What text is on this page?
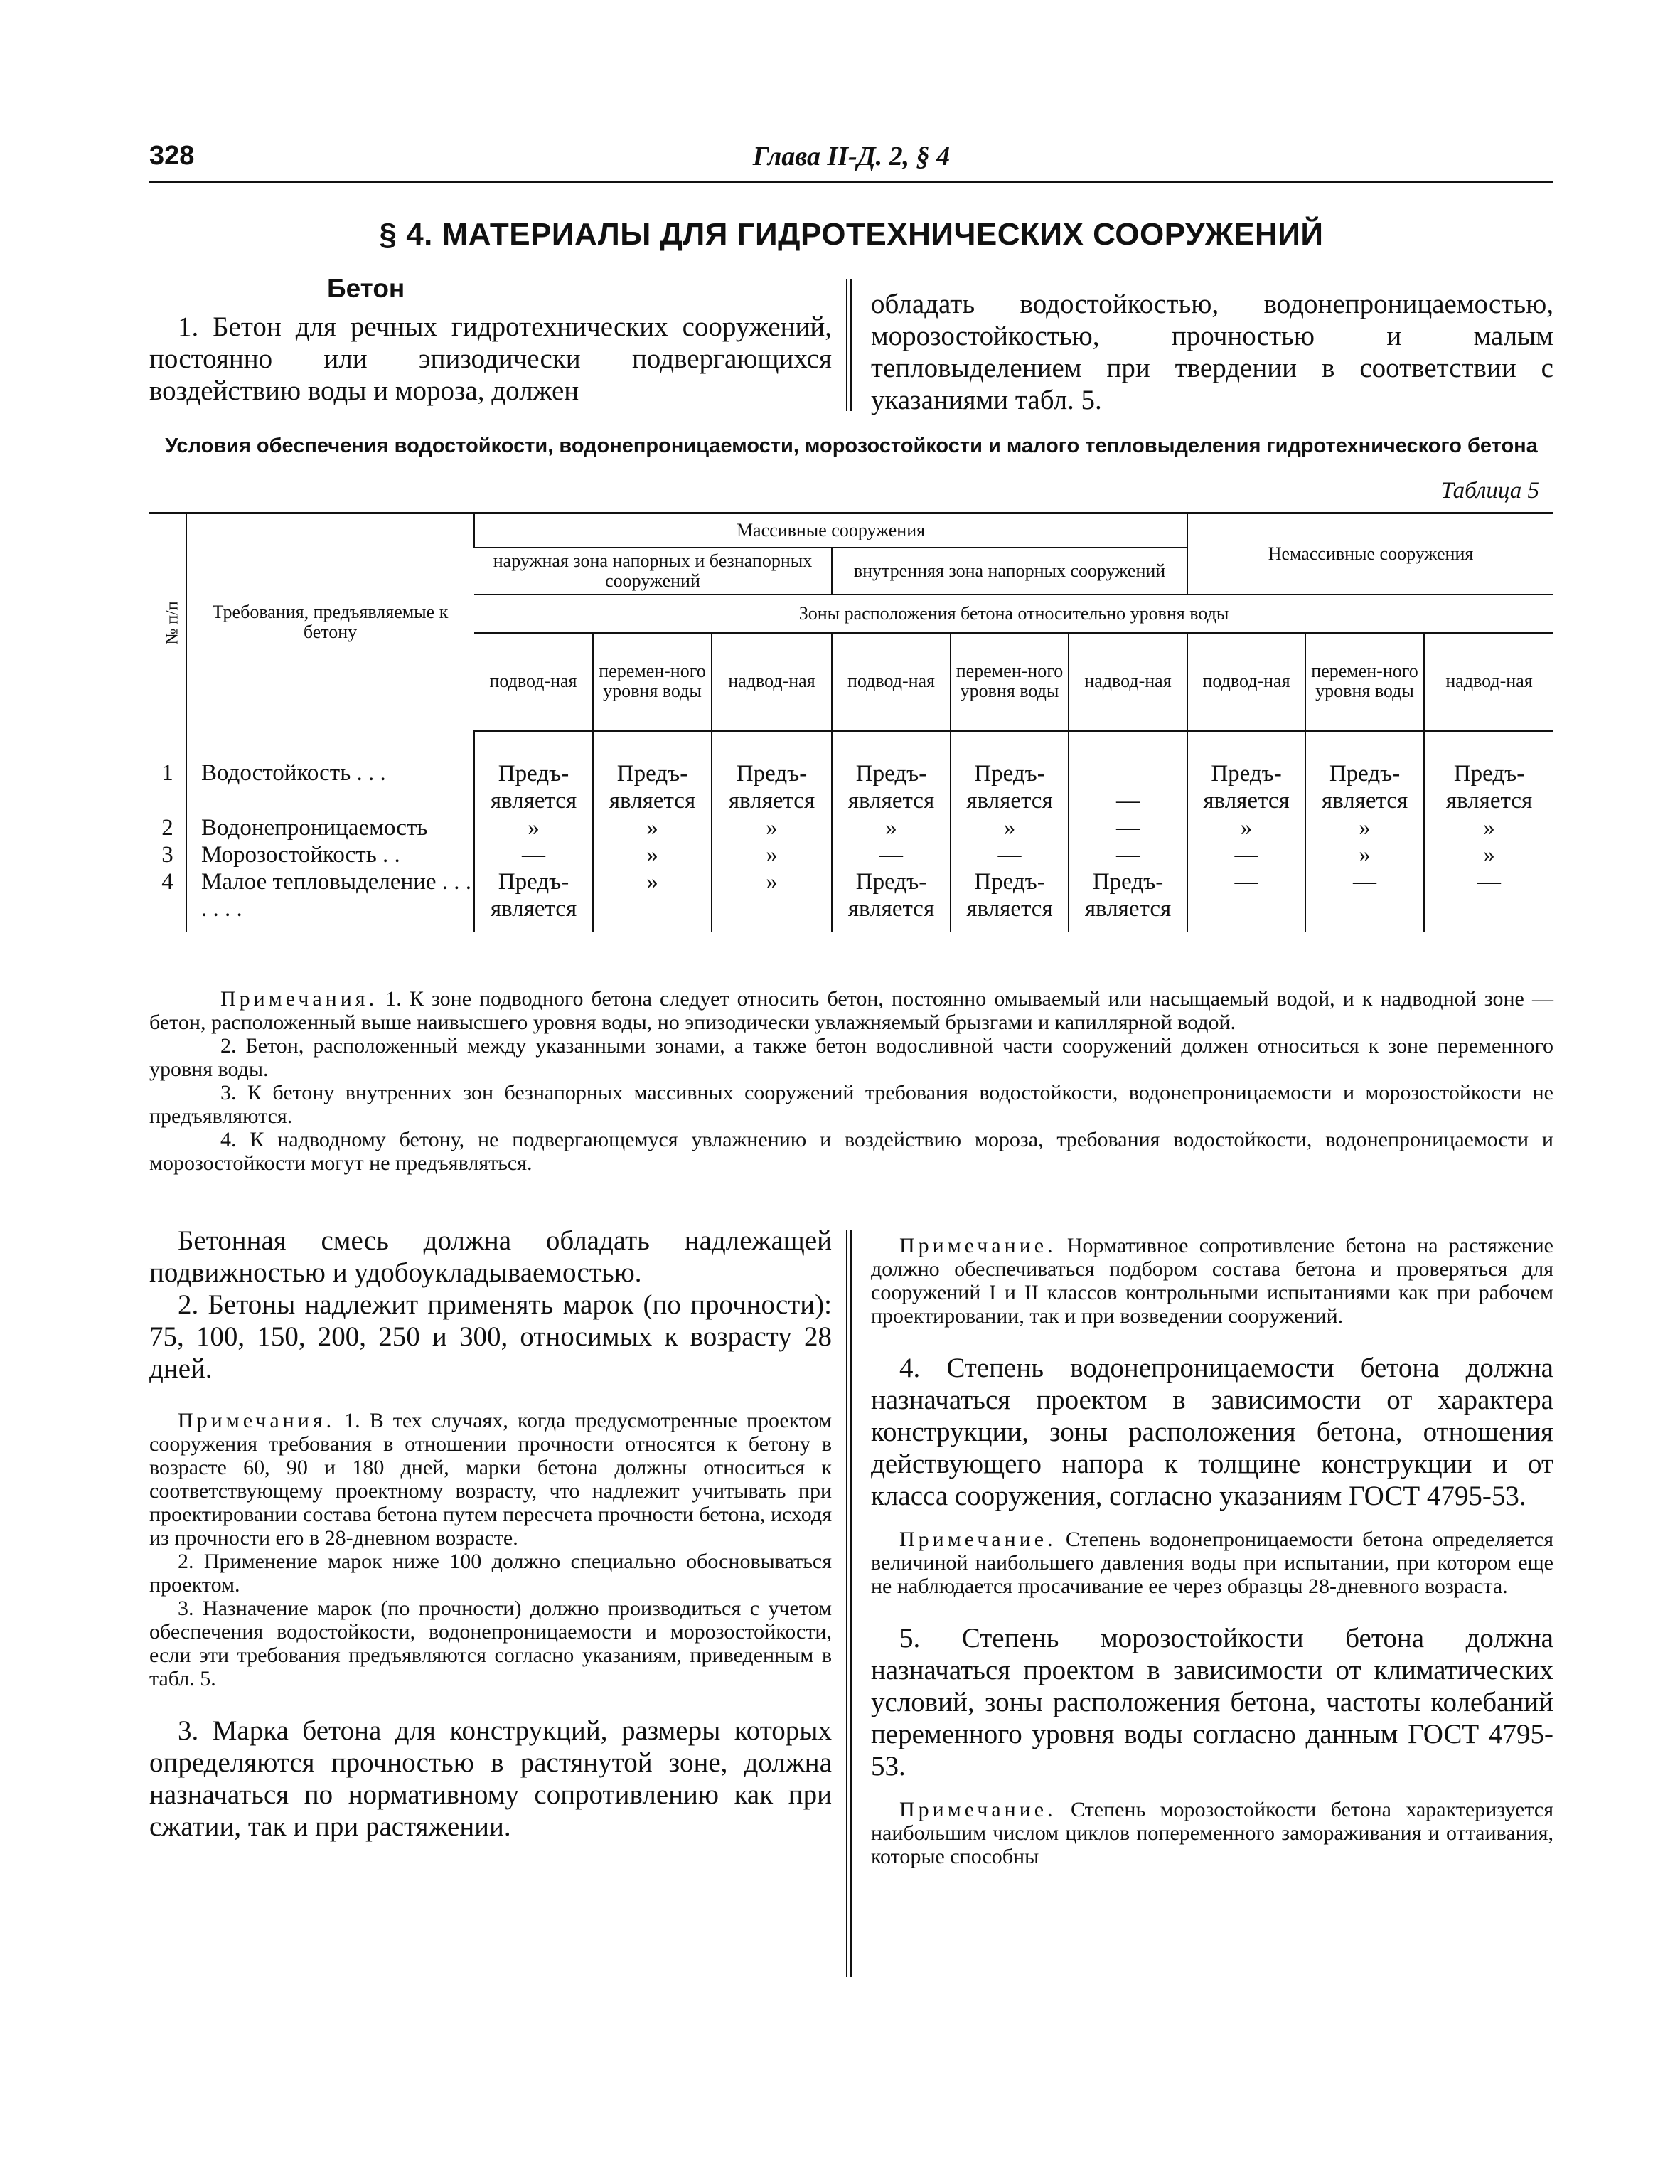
328	Глава II-Д. 2, § 4
§ 4. МАТЕРИАЛЫ ДЛЯ ГИДРОТЕХНИЧЕСКИХ СООРУЖЕНИЙ
Бетон

1. Бетон для речных гидротехнических сооружений, постоянно или эпизодически подвергающихся воздействию воды и мороза, должен

обладать водостойкостью, водонепроницаемостью, морозостойкостью, прочностью и малым тепловыделением при твердении в соответствии с указаниями табл. 5.

Условия обеспечения водостойкости, водонепроницаемости, морозостойкости и малого тепловыделения гидротехнического бетона
Таблица 5
№ п/п	Требования, предъявляемые к бетону	Массивные сооружения						Немассивные сооружения		
		наружная зона напорных и безнапорных сооружений			внутренняя зона напорных сооружений					
		Зоны расположения бетона относительно уровня воды								
		подвод-ная	перемен-ного уровня воды	надвод-ная	подвод-ная	перемен-ного уровня воды	надвод-ная	подвод-ная	перемен-ного уровня воды	надвод-ная
1	Водостойкость . . .	Предъ-является	Предъ-является	Предъ-является	Предъ-является	Предъ-является	—	Предъ-является	Предъ-является	Предъ-является
2	Водонепроницаемость	»	»	»	»	»	—	»	»	»
3	Морозостойкость . .	—	»	»	—	—	—	—	»	»
4	Малое тепловыделение . . . . . . .	Предъ-является	»	»	Предъ-является	Предъ-является	Предъ-является	—	—	—

Примечания. 1. К зоне подводного бетона следует относить бетон, постоянно омываемый или насыщаемый водой, и к надводной зоне — бетон, расположенный выше наивысшего уровня воды, но эпизодически увлажняемый брызгами и капиллярной водой.

2. Бетон, расположенный между указанными зонами, а также бетон водосливной части сооружений должен относиться к зоне переменного уровня воды.

3. К бетону внутренних зон безнапорных массивных сооружений требования водостойкости, водонепроницаемости и морозостойкости не предъявляются.

4. К надводному бетону, не подвергающемуся увлажнению и воздействию мороза, требования водостойкости, водонепроницаемости и морозостойкости могут не предъявляться.

Бетонная смесь должна обладать надлежащей подвижностью и удобоукладываемостью.

2. Бетоны надлежит применять марок (по прочности): 75, 100, 150, 200, 250 и 300, относимых к возрасту 28 дней.

Примечания. 1. В тех случаях, когда предусмотренные проектом сооружения требования в отношении прочности относятся к бетону в возрасте 60, 90 и 180 дней, марки бетона должны относиться к соответствующему проектному возрасту, что надлежит учитывать при проектировании состава бетона путем пересчета прочности бетона, исходя из прочности его в 28-дневном возрасте.

2. Применение марок ниже 100 должно специально обосновываться проектом.

3. Назначение марок (по прочности) должно производиться с учетом обеспечения водостойкости, водонепроницаемости и морозостойкости, если эти требования предъявляются согласно указаниям, приведенным в табл. 5.

3. Марка бетона для конструкций, размеры которых определяются прочностью в растянутой зоне, должна назначаться по нормативному сопротивлению как при сжатии, так и при растяжении.

Примечание. Нормативное сопротивление бетона на растяжение должно обеспечиваться подбором состава бетона и проверяться для сооружений I и II классов контрольными испытаниями как при рабочем проектировании, так и при возведении сооружений.

4. Степень водонепроницаемости бетона должна назначаться проектом в зависимости от характера конструкции, зоны расположения бетона, отношения действующего напора к толщине конструкции и от класса сооружения, согласно указаниям ГОСТ 4795-53.

Примечание. Степень водонепроницаемости бетона определяется величиной наибольшего давления воды при испытании, при котором еще не наблюдается просачивание ее через образцы 28-дневного возраста.

5. Степень морозостойкости бетона должна назначаться проектом в зависимости от климатических условий, зоны расположения бетона, частоты колебаний переменного уровня воды согласно данным ГОСТ 4795-53.

Примечание. Степень морозостойкости бетона характеризуется наибольшим числом циклов попеременного замораживания и оттаивания, которые способны
